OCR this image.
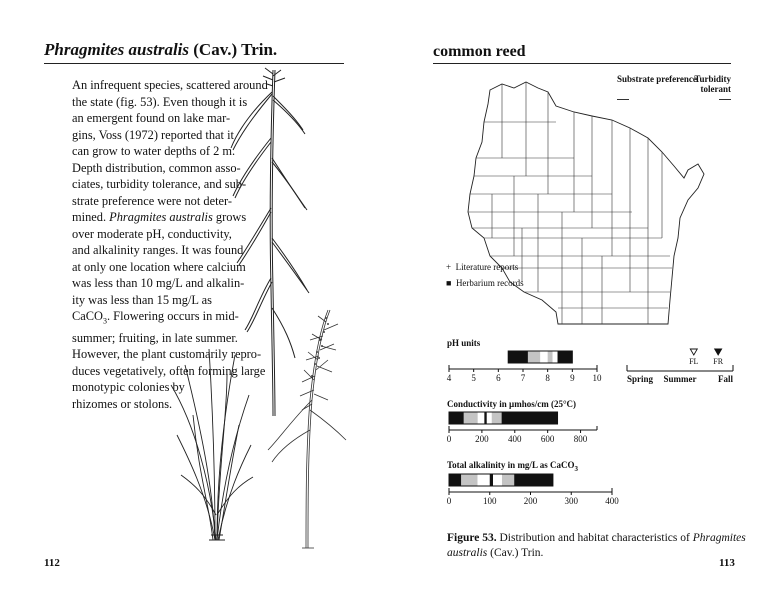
Phragmites australis (Cav.) Trin.
An infrequent species, scattered around
the state (fig. 53). Even though it is
an emergent found on lake mar-
gins, Voss (1972) reported that it
can grow to water depths of 2 m.
Depth distribution, common asso-
ciates, turbidity tolerance, and sub-
strate preference were not deter-
mined. Phragmites australis grows
over moderate pH, conductivity,
and alkalinity ranges. It was found
at only one location where calcium
was less than 10 mg/L and alkalin-
ity was less than 15 mg/L as
CaCO$_3$. Flowering occurs in mid-
summer; fruiting, in late summer.
However, the plant customarily repro-
duces vegetatively, often forming large
monotypic colonies by
rhizomes or stolons.
112
common reed
Substrate preference
Turbidity tolerant
+ Literature reports
■ Herbarium records
pH units
4 5 6 7 8 9 10	Spring Summer Fall
FL FR
Conductivity in µmhos/cm (25°C)
0	200 400 600 800
Total alkalinity in mg/L as CaCO$_3$
0	100	200	300	400
Figure 53. Distribution and habitat characteristics of Phragmites australis (Cav.) Trin.
113
